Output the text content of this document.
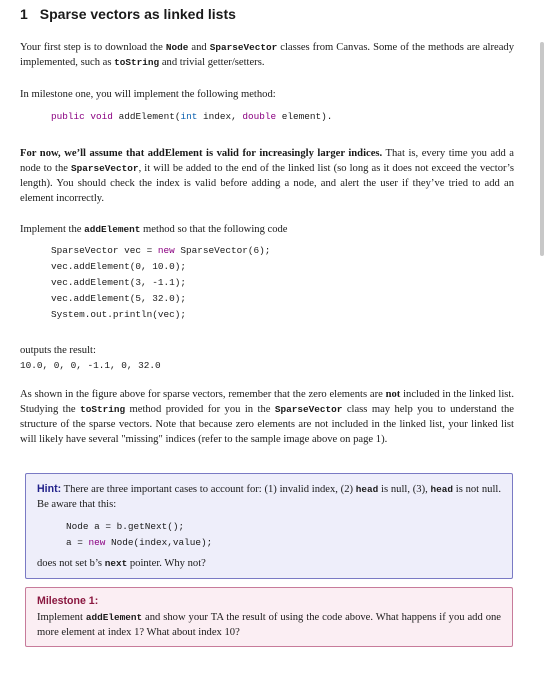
1 Sparse vectors as linked lists

Your first step is to download the Node and SparseVector classes from Canvas. Some of the methods are already implemented, such as toString and trivial getter/setters.

In milestone one, you will implement the following method:
public void addElement(int index, double element).

For now, we’ll assume that addElement is valid for increasingly larger indices. That is, every time you add a node to the SparseVector, it will be added to the end of the linked list (so long as it does not exceed the vector’s length). You should check the index is valid before adding a node, and alert the user if they’ve tried to add an element incorrectly.

Implement the addElement method so that the following code

SparseVector vec = new SparseVector(6);
vec.addElement(0, 10.0);
vec.addElement(3, -1.1);
vec.addElement(5, 32.0);
System.out.println(vec);
outputs the result:
10.0, 0, 0, -1.1, 0, 32.0

As shown in the figure above for sparse vectors, remember that the zero elements are not included in the linked list. Studying the toString method provided for you in the SparseVector class may help you to understand the structure of the sparse vectors. Note that because zero elements are not included in the linked list, your linked list will likely have several "missing" indices (refer to the sample image above on page 1).

Hint: There are three important cases to account for: (1) invalid index, (2) head is null, (3), head is not null. Be aware that this:

Node a = b.getNext();
a = new Node(index,value);

does not set b’s next pointer. Why not?

Milestone 1:

Implement addElement and show your TA the result of using the code above. What happens if you add one more element at index 1? What about index 10?
